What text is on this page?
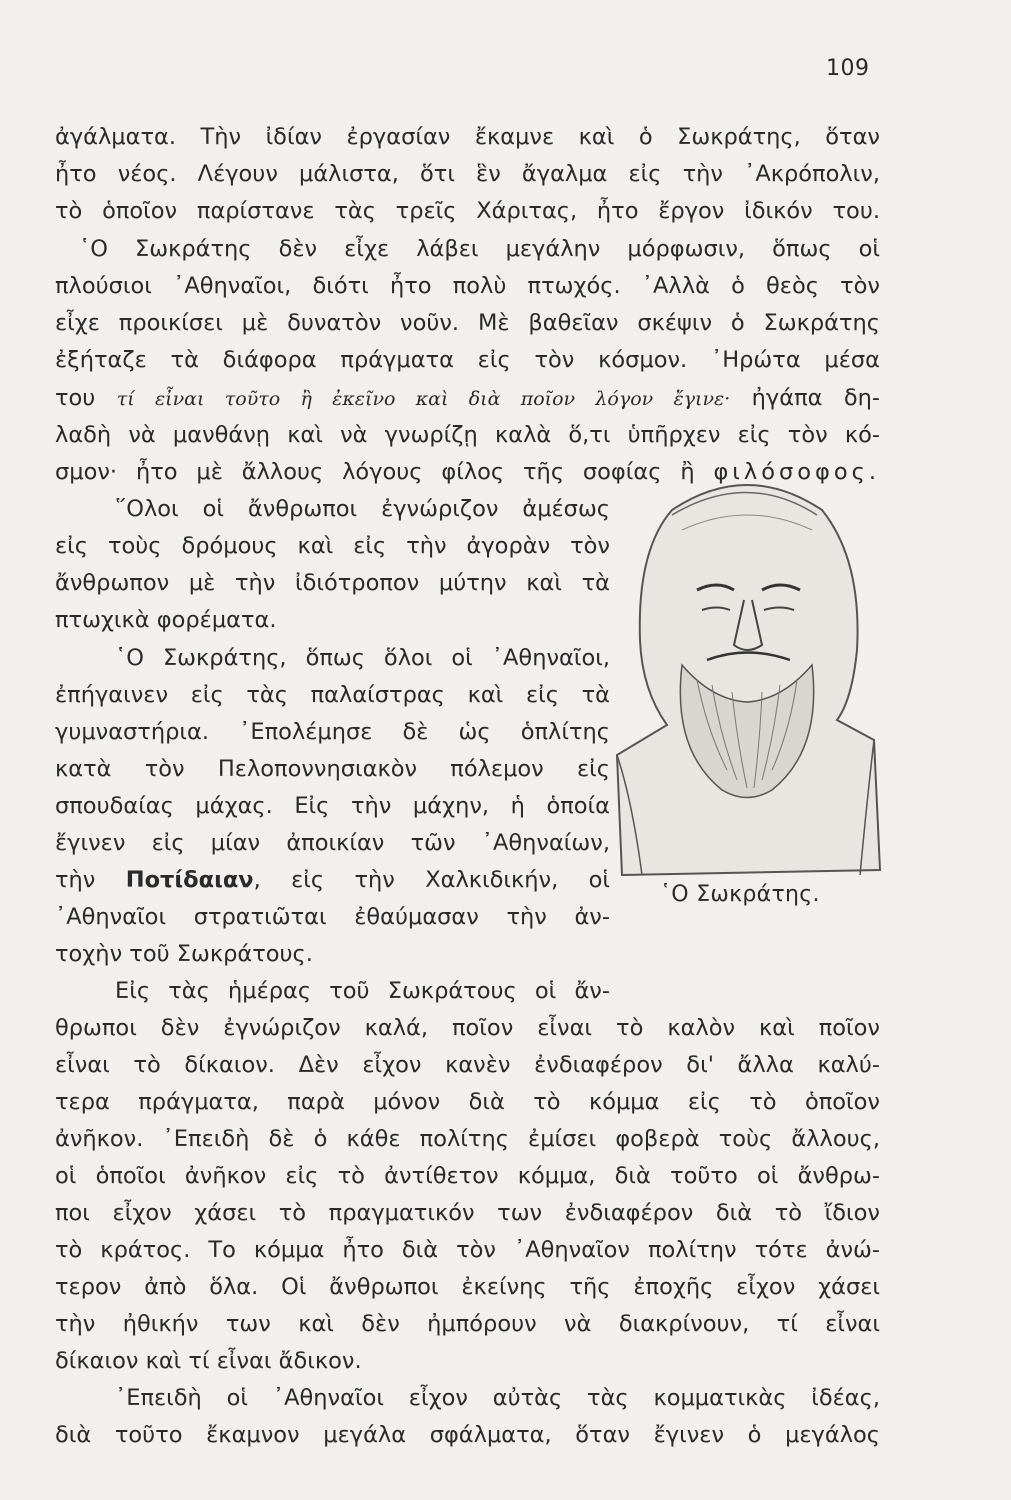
109

ἀγάλματα. Τὴν ἰδίαν ἐργασίαν ἔκαμνε καὶ ὁ Σωκράτης, ὅταν

ἦτο νέος. Λέγουν μάλιστα, ὅτι ἓν ἄγαλμα εἰς τὴν ᾿Ακρόπολιν,

τὸ ὁποῖον παρίστανε τὰς τρεῖς Χάριτας, ἦτο ἔργον ἰδικόν του.

῾Ο Σωκράτης δὲν εἶχε λάβει μεγάλην μόρφωσιν, ὅπως οἱ

πλούσιοι ᾿Αθηναῖοι, διότι ἦτο πολὺ πτωχός. ᾿Αλλὰ ὁ θεὸς τὸν

εἶχε προικίσει μὲ δυνατὸν νοῦν. Μὲ βαθεῖαν σκέψιν ὁ Σωκράτης

ἐξήταζε τὰ διάφορα πράγματα εἰς τὸν κόσμον. ᾿Ηρώτα μέσα

του τί εἶναι τοῦτο ἢ ἐκεῖνο καὶ διὰ ποῖον λόγον ἔγινε· ἠγάπα δη-

λαδὴ νὰ μανθάνῃ καὶ νὰ γνωρίζῃ καλὰ ὅ,τι ὑπῆρχεν εἰς τὸν κό-

σμον· ἦτο μὲ ἄλλους λόγους φίλος τῆς σοφίας ἢ φιλόσοφος.

῞Ολοι οἱ ἄνθρωποι ἐγνώριζον ἀμέσως

εἰς τοὺς δρόμους καὶ εἰς τὴν ἀγορὰν τὸν

ἄνθρωπον μὲ τὴν ἰδιότροπον μύτην καὶ τὰ

πτωχικὰ φορέματα.

῾Ο Σωκράτης, ὅπως ὅλοι οἱ ᾿Αθηναῖοι,

ἐπήγαινεν εἰς τὰς παλαίστρας καὶ εἰς τὰ

γυμναστήρια. ᾿Επολέμησε δὲ ὡς ὁπλίτης

κατὰ τὸν Πελοποννησιακὸν πόλεμον εἰς

σπουδαίας μάχας. Εἰς τὴν μάχην, ἡ ὁποία

ἔγινεν εἰς μίαν ἀποικίαν τῶν ᾿Αθηναίων,

τὴν Ποτίδαιαν, εἰς τὴν Χαλκιδικήν, οἱ

᾿Αθηναῖοι στρατιῶται ἐθαύμασαν τὴν ἀν-

τοχὴν τοῦ Σωκράτους.

Εἰς τὰς ἡμέρας τοῦ Σωκράτους οἱ ἄν-

῾Ο Σωκράτης.

θρωποι δὲν ἐγνώριζον καλά, ποῖον εἶναι τὸ καλὸν καὶ ποῖον

εἶναι τὸ δίκαιον. Δὲν εἶχον κανὲν ἐνδιαφέρον δι' ἄλλα καλύ-

τερα πράγματα, παρὰ μόνον διὰ τὸ κόμμα εἰς τὸ ὁποῖον

ἀνῆκον. ᾿Επειδὴ δὲ ὁ κάθε πολίτης ἐμίσει φοβερὰ τοὺς ἄλλους,

οἱ ὁποῖοι ἀνῆκον εἰς τὸ ἀντίθετον κόμμα, διὰ τοῦτο οἱ ἄνθρω-

ποι εἶχον χάσει τὸ πραγματικόν των ἐνδιαφέρον διὰ τὸ ἴδιον

τὸ κράτος. Το κόμμα ἦτο διὰ τὸν ᾿Αθηναῖον πολίτην τότε ἀνώ-

τερον ἀπὸ ὅλα. Οἱ ἄνθρωποι ἐκείνης τῆς ἐποχῆς εἶχον χάσει

τὴν ἠθικήν των καὶ δὲν ἠμπόρουν νὰ διακρίνουν, τί εἶναι

δίκαιον καὶ τί εἶναι ἄδικον.

᾿Επειδὴ οἱ ᾿Αθηναῖοι εἶχον αὐτὰς τὰς κομματικὰς ἰδέας,

διὰ τοῦτο ἔκαμνον μεγάλα σφάλματα, ὅταν ἔγινεν ὁ μεγάλος
